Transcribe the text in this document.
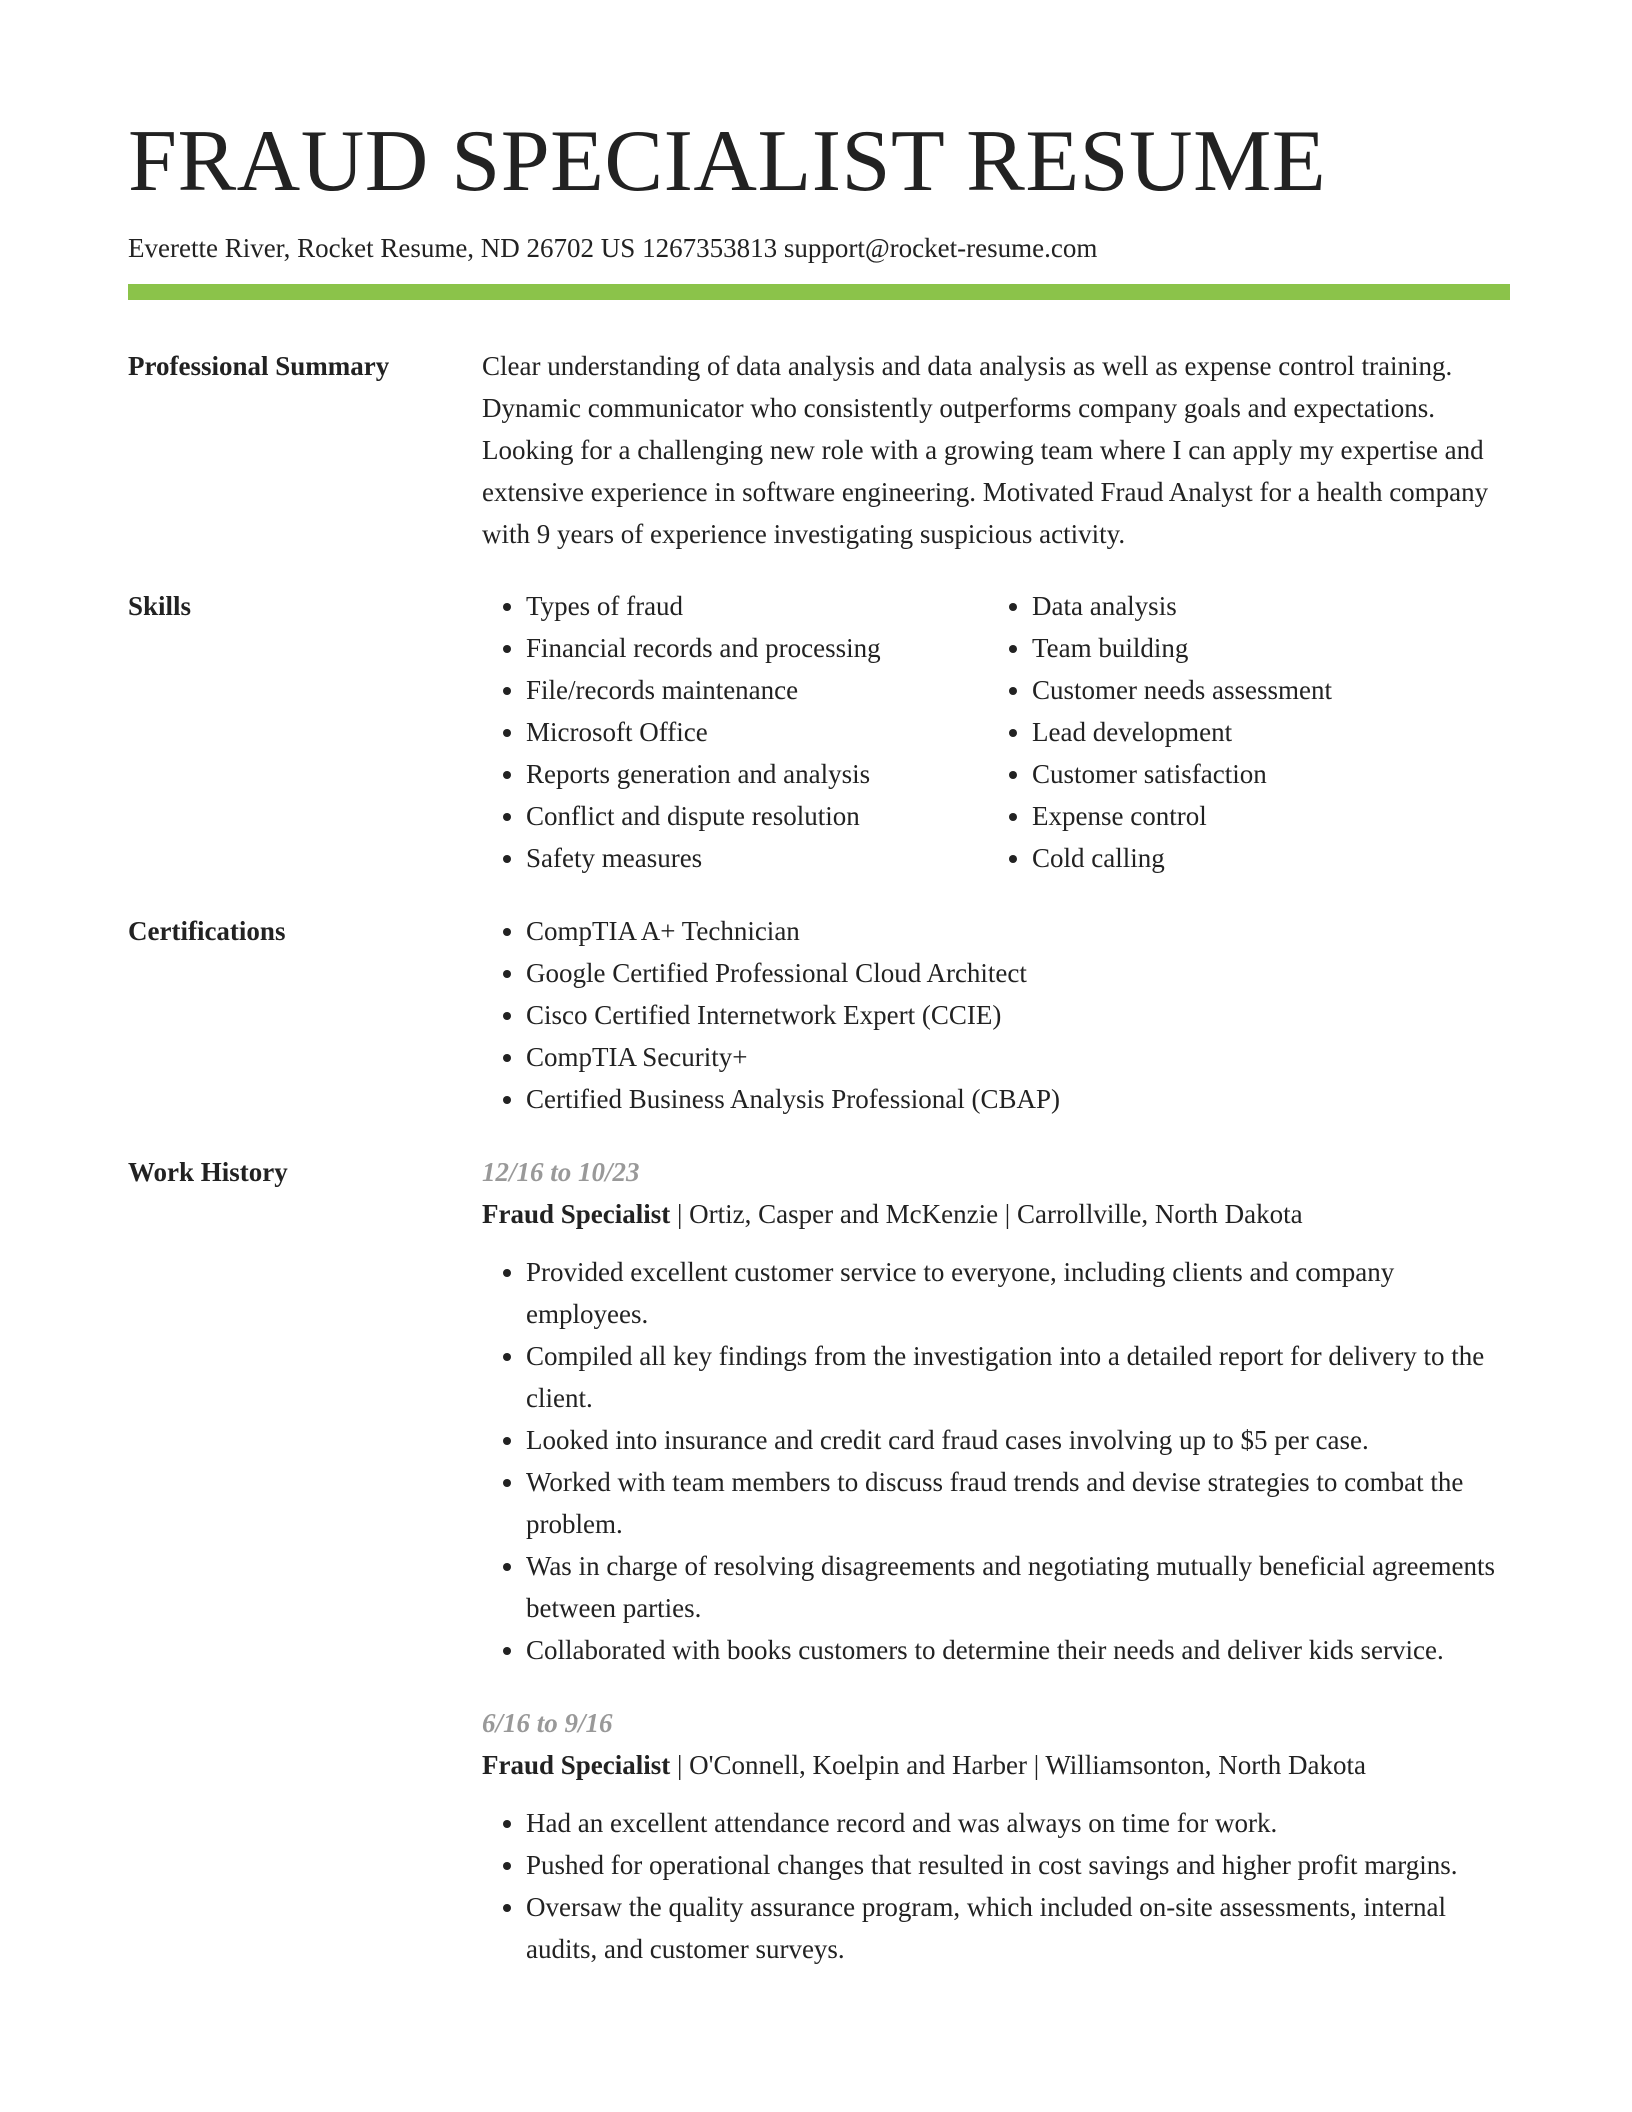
FRAUD SPECIALIST RESUME
Everette River, Rocket Resume, ND 26702 US 1267353813 support@rocket-resume.com
Professional Summary	Clear understanding of data analysis and data analysis as well as expense control training. Dynamic communicator who consistently outperforms company goals and expectations. Looking for a challenging new role with a growing team where I can apply my expertise and extensive experience in software engineering. Motivated Fraud Analyst for a health company with 9 years of experience investigating suspicious activity.
Skills	• Types of fraud
• Financial records and processing
• File/records maintenance
• Microsoft Office
• Reports generation and analysis
• Conflict and dispute resolution
• Safety measures
• Data analysis
• Team building
• Customer needs assessment
• Lead development
• Customer satisfaction
• Expense control
• Cold calling
Certifications	• CompTIA A+ Technician
• Google Certified Professional Cloud Architect
• Cisco Certified Internetwork Expert (CCIE)
• CompTIA Security+
• Certified Business Analysis Professional (CBAP)
Work History	12/16 to 10/23
Fraud Specialist | Ortiz, Casper and McKenzie | Carrollville, North Dakota
• Provided excellent customer service to everyone, including clients and company employees.
• Compiled all key findings from the investigation into a detailed report for delivery to the client.
• Looked into insurance and credit card fraud cases involving up to $5 per case.
• Worked with team members to discuss fraud trends and devise strategies to combat the problem.
• Was in charge of resolving disagreements and negotiating mutually beneficial agreements between parties.
• Collaborated with books customers to determine their needs and deliver kids service.
6/16 to 9/16
Fraud Specialist | O'Connell, Koelpin and Harber | Williamsonton, North Dakota
• Had an excellent attendance record and was always on time for work.
• Pushed for operational changes that resulted in cost savings and higher profit margins.
• Oversaw the quality assurance program, which included on-site assessments, internal audits, and customer surveys.
